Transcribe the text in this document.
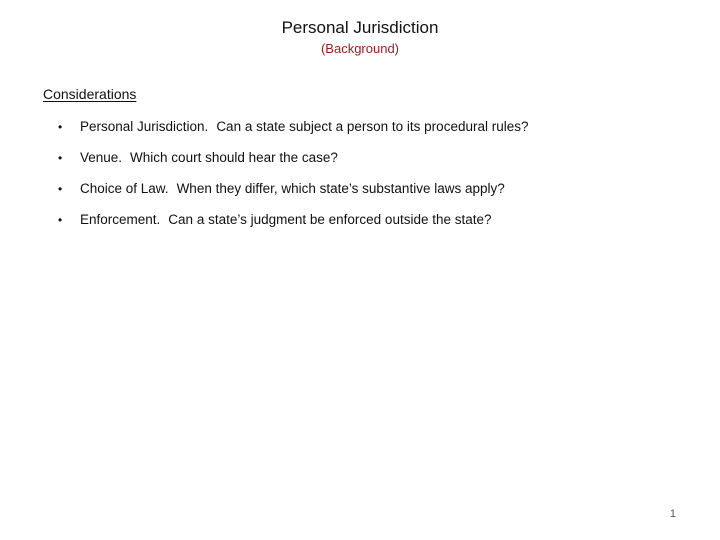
Personal Jurisdiction
(Background)
Considerations
•	Personal Jurisdiction. Can a state subject a person to its procedural rules?
•	Venue. Which court should hear the case?
•	Choice of Law. When they differ, which state’s substantive laws apply?
•	Enforcement. Can a state’s judgment be enforced outside the state?
1
